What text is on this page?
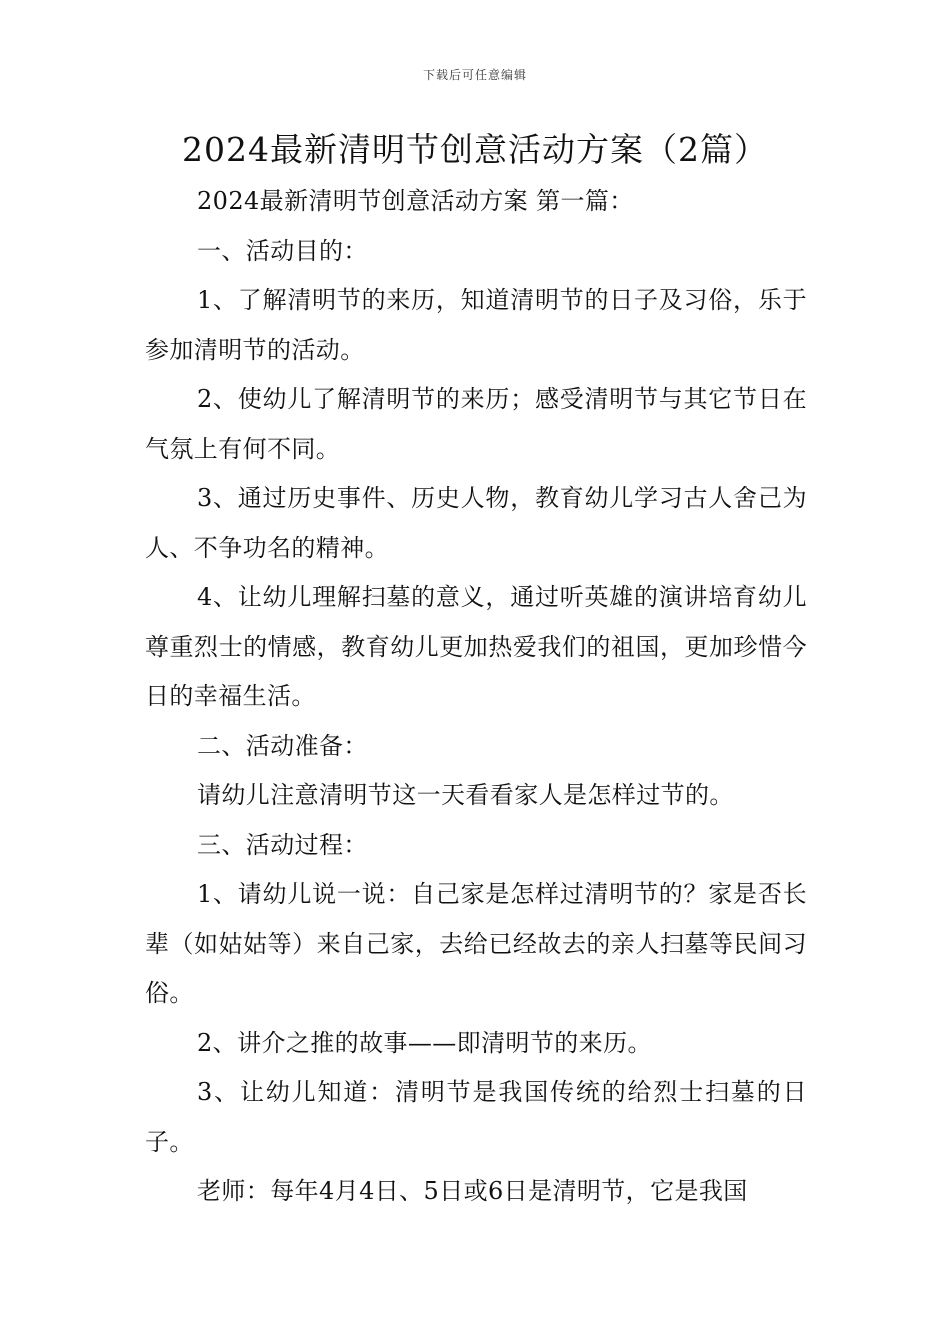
下载后可任意编辑
2024最新清明节创意活动方案（2篇）

2024最新清明节创意活动方案 第一篇：

一、活动目的：

1、了解清明节的来历，知道清明节的日子及习俗，乐于参加清明节的活动。

2、使幼儿了解清明节的来历；感受清明节与其它节日在气氛上有何不同。

3、通过历史事件、历史人物，教育幼儿学习古人舍己为人、不争功名的精神。

4、让幼儿理解扫墓的意义，通过听英雄的演讲培育幼儿尊重烈士的情感，教育幼儿更加热爱我们的祖国，更加珍惜今日的幸福生活。

二、活动准备：

请幼儿注意清明节这一天看看家人是怎样过节的。

三、活动过程：

1、请幼儿说一说：自己家是怎样过清明节的？家是否长辈（如姑姑等）来自己家，去给已经故去的亲人扫墓等民间习俗。

2、讲介之推的故事——即清明节的来历。

3、让幼儿知道：清明节是我国传统的给烈士扫墓的日子。

老师：每年4月4日、5日或6日是清明节，它是我国
